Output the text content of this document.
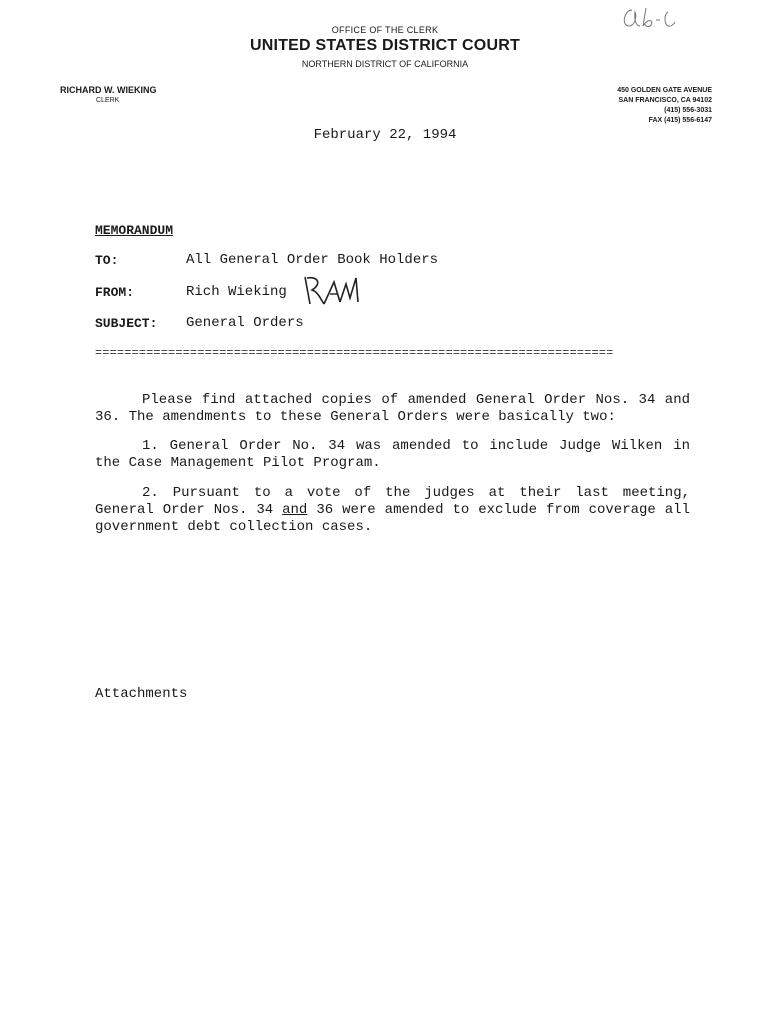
OFFICE OF THE CLERK
UNITED STATES DISTRICT COURT
NORTHERN DISTRICT OF CALIFORNIA
RICHARD W. WIEKING
CLERK
450 GOLDEN GATE AVENUE
SAN FRANCISCO, CA 94102
(415) 556-3031
FAX (415) 556-6147
February 22, 1994
MEMORANDUM
TO:	All General Order Book Holders
FROM:	Rich Wieking
SUBJECT: General Orders
=======================================================================
Please find attached copies of amended General Order Nos. 34 and 36. The amendments to these General Orders were basically two:
1. General Order No. 34 was amended to include Judge Wilken in the Case Management Pilot Program.
2. Pursuant to a vote of the judges at their last meeting, General Order Nos. 34 and 36 were amended to exclude from coverage all government debt collection cases.
Attachments
